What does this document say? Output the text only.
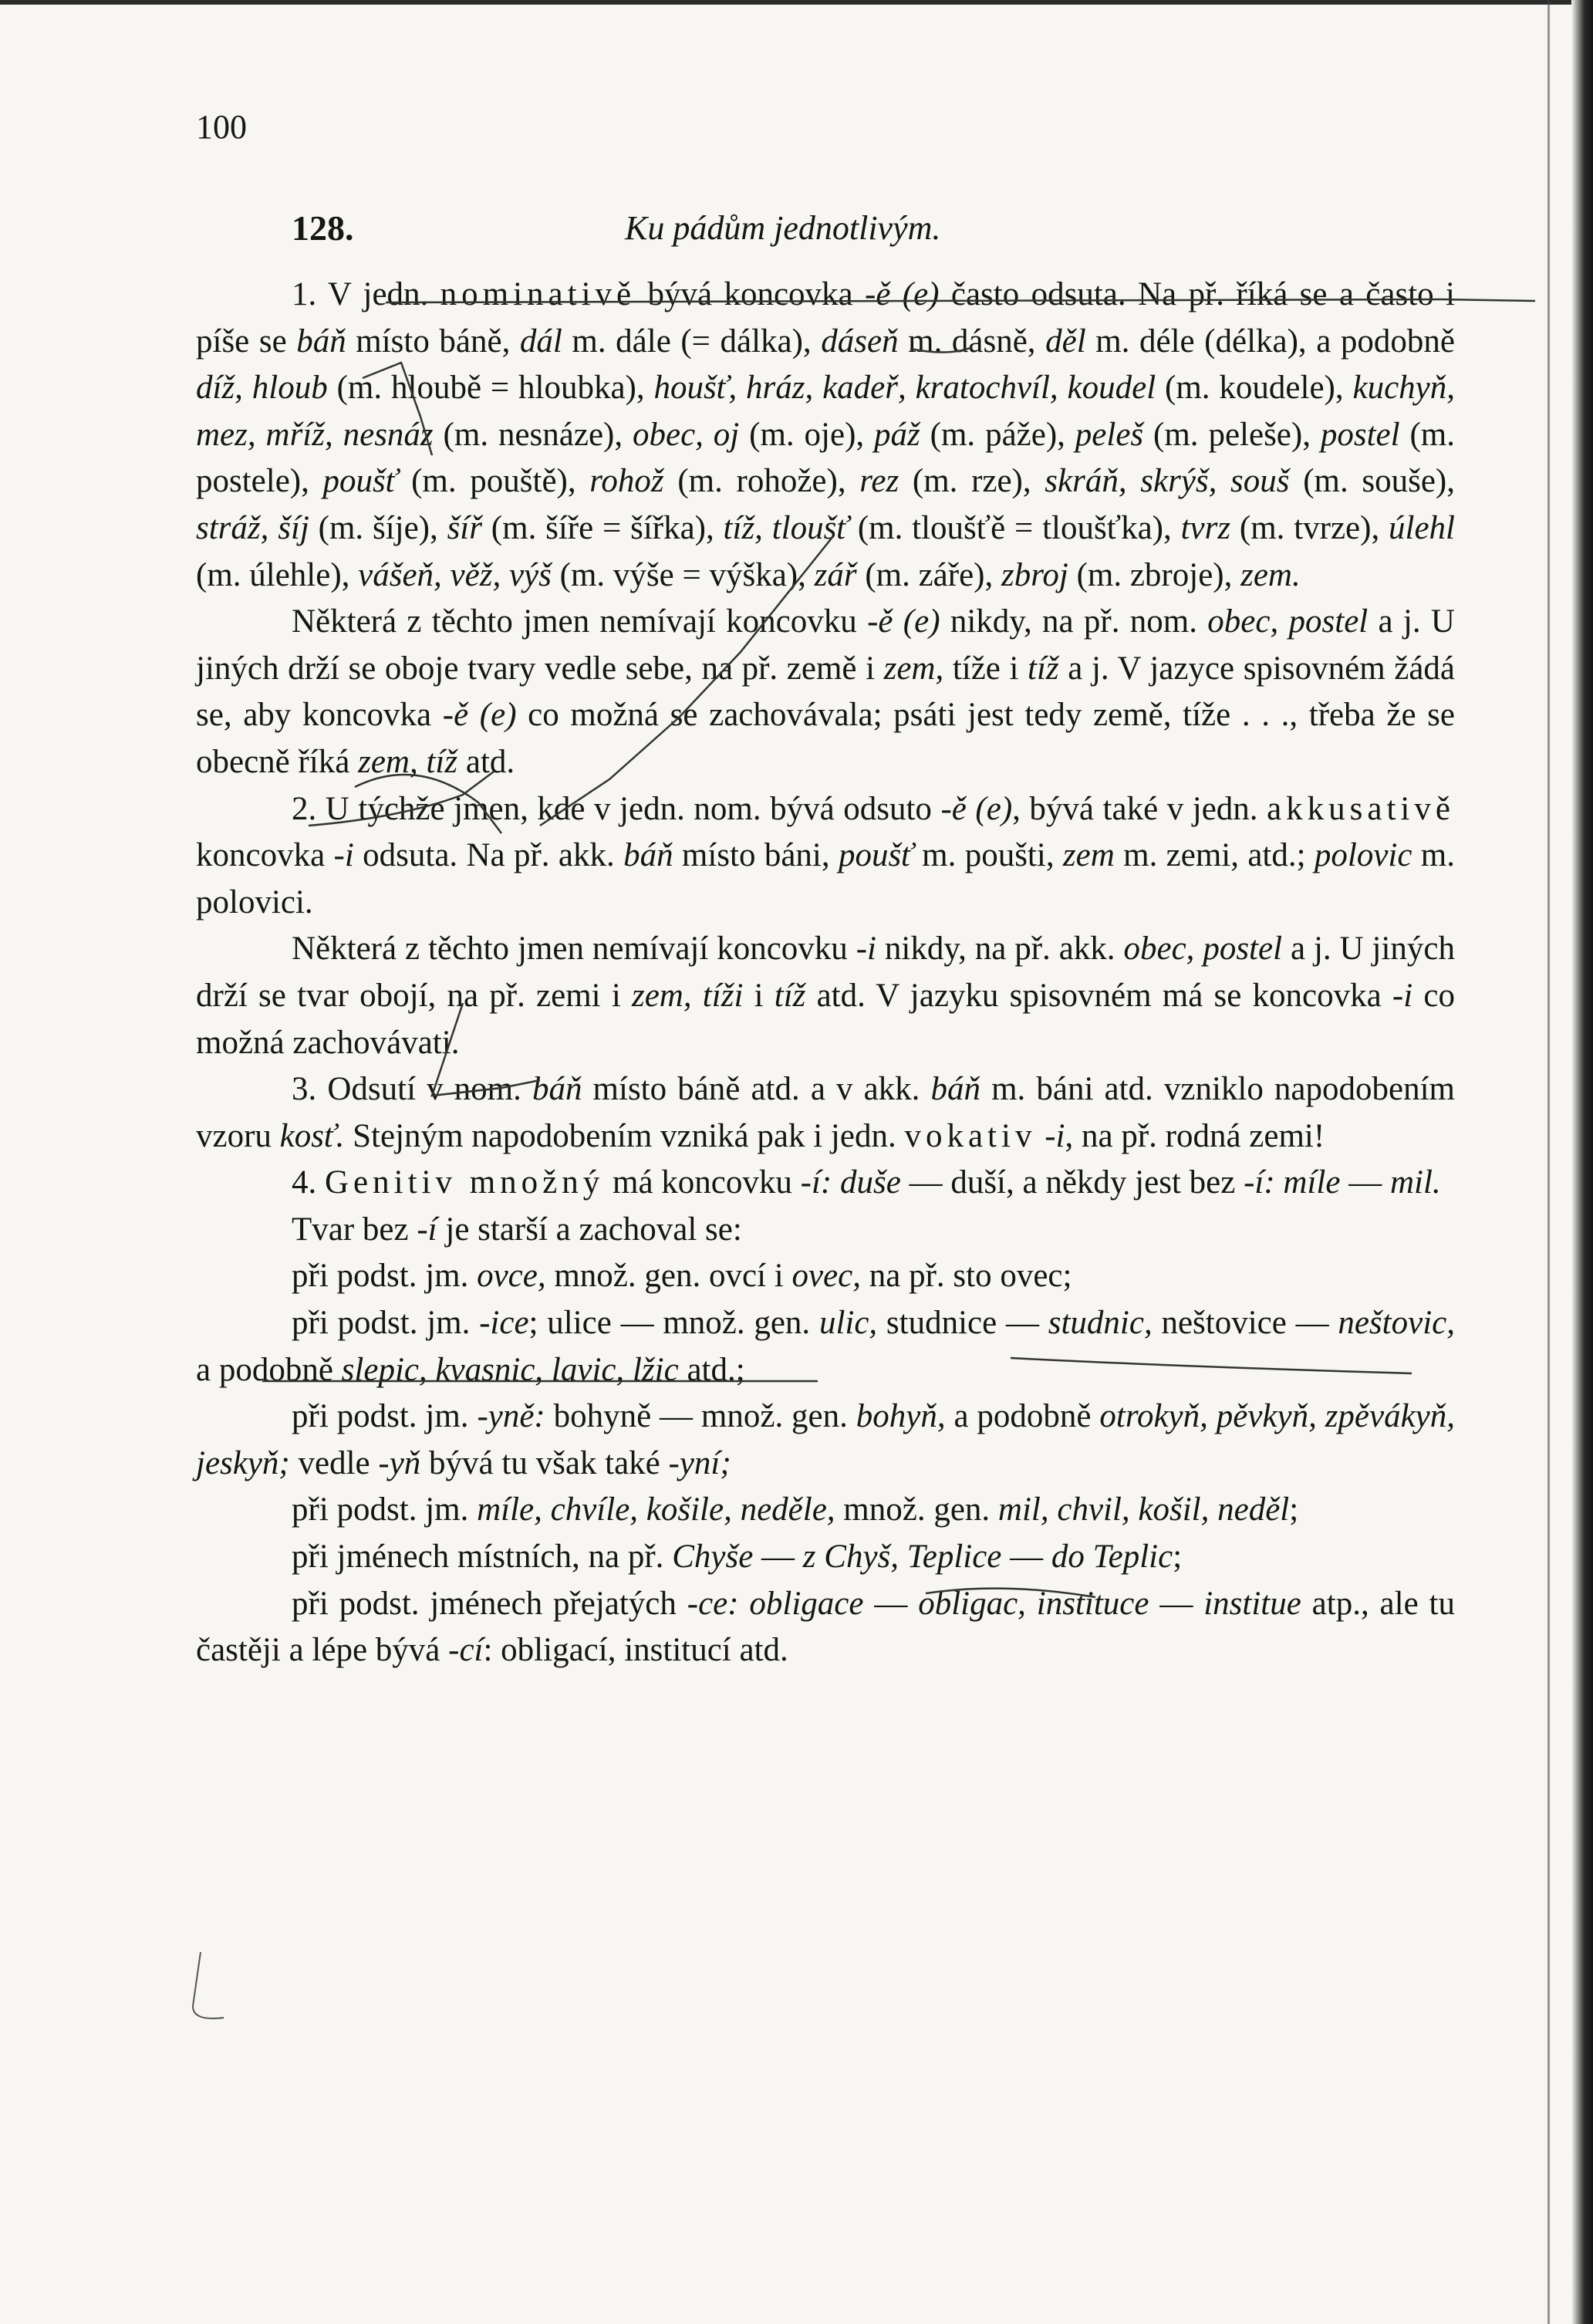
100
128.	Ku pádům jednotlivým.

1. V jedn. nominativě bývá koncovka -ě (e) často odsuta. Na př. říká se a často i píše se báň místo báně, dál m. dále (= dálka), dáseň m. dásně, děl m. déle (délka), a podobně díž, hloub (m. hloubě = hloubka), houšť, hráz, kadeř, kratochvíl, koudel (m. koudele), kuchyň, mez, mříž, nesnáz (m. nesnáze), obec, oj (m. oje), páž (m. páže), peleš (m. peleše), postel (m. postele), poušť (m. pouště), rohož (m. rohože), rez (m. rze), skráň, skrýš, souš (m. souše), stráž, šíj (m. šíje), šíř (m. šíře = šířka), tíž, tloušť (m. tloušťě = tloušťka), tvrz (m. tvrze), úlehl (m. úlehle), vášeň, věž, výš (m. výše = výška), zář (m. záře), zbroj (m. zbroje), zem.

Některá z těchto jmen nemívají koncovku -ě (e) nikdy, na př. nom. obec, postel a j. U jiných drží se oboje tvary vedle sebe, na př. země i zem, tíže i tíž a j. V jazyce spisovném žádá se, aby koncovka -ě (e) co možná se zachovávala; psáti jest tedy země, tíže . . ., třeba že se obecně říká zem, tíž atd.

2. U týchže jmen, kde v jedn. nom. bývá odsuto -ě (e), bývá také v jedn. akkusativě koncovka -i odsuta. Na př. akk. báň místo báni, poušť m. poušti, zem m. zemi, atd.; polovic m. polovici.

Některá z těchto jmen nemívají koncovku -i nikdy, na př. akk. obec, postel a j. U jiných drží se tvar obojí, na př. zemi i zem, tíži i tíž atd. V jazyku spisovném má se koncovka -i co možná zachovávati.

3. Odsutí v nom. báň místo báně atd. a v akk. báň m. báni atd. vzniklo napodobením vzoru kosť. Stejným napodobením vzniká pak i jedn. vokativ -i, na př. rodná zemi!

4. Genitiv množný má koncovku -í: duše — duší, a někdy jest bez -í: míle — mil.

Tvar bez -í je starší a zachoval se:

při podst. jm. ovce, množ. gen. ovcí i ovec, na př. sto ovec;

při podst. jm. -ice; ulice — množ. gen. ulic, studnice — studnic, neštovice — neštovic, a podobně slepic, kvasnic, lavic, lžic atd.;

při podst. jm. -yně: bohyně — množ. gen. bohyň, a podobně otrokyň, pěvkyň, zpěvákyň, jeskyň; vedle -yň bývá tu však také -yní;

při podst. jm. míle, chvíle, košile, neděle, množ. gen. mil, chvil, košil, neděl;

při jménech místních, na př. Chyše — z Chyš, Teplice — do Teplic;

při podst. jménech přejatých -ce: obligace — obligac, instituce — institue atp., ale tu častěji a lépe bývá -cí: obligací, institucí atd.
